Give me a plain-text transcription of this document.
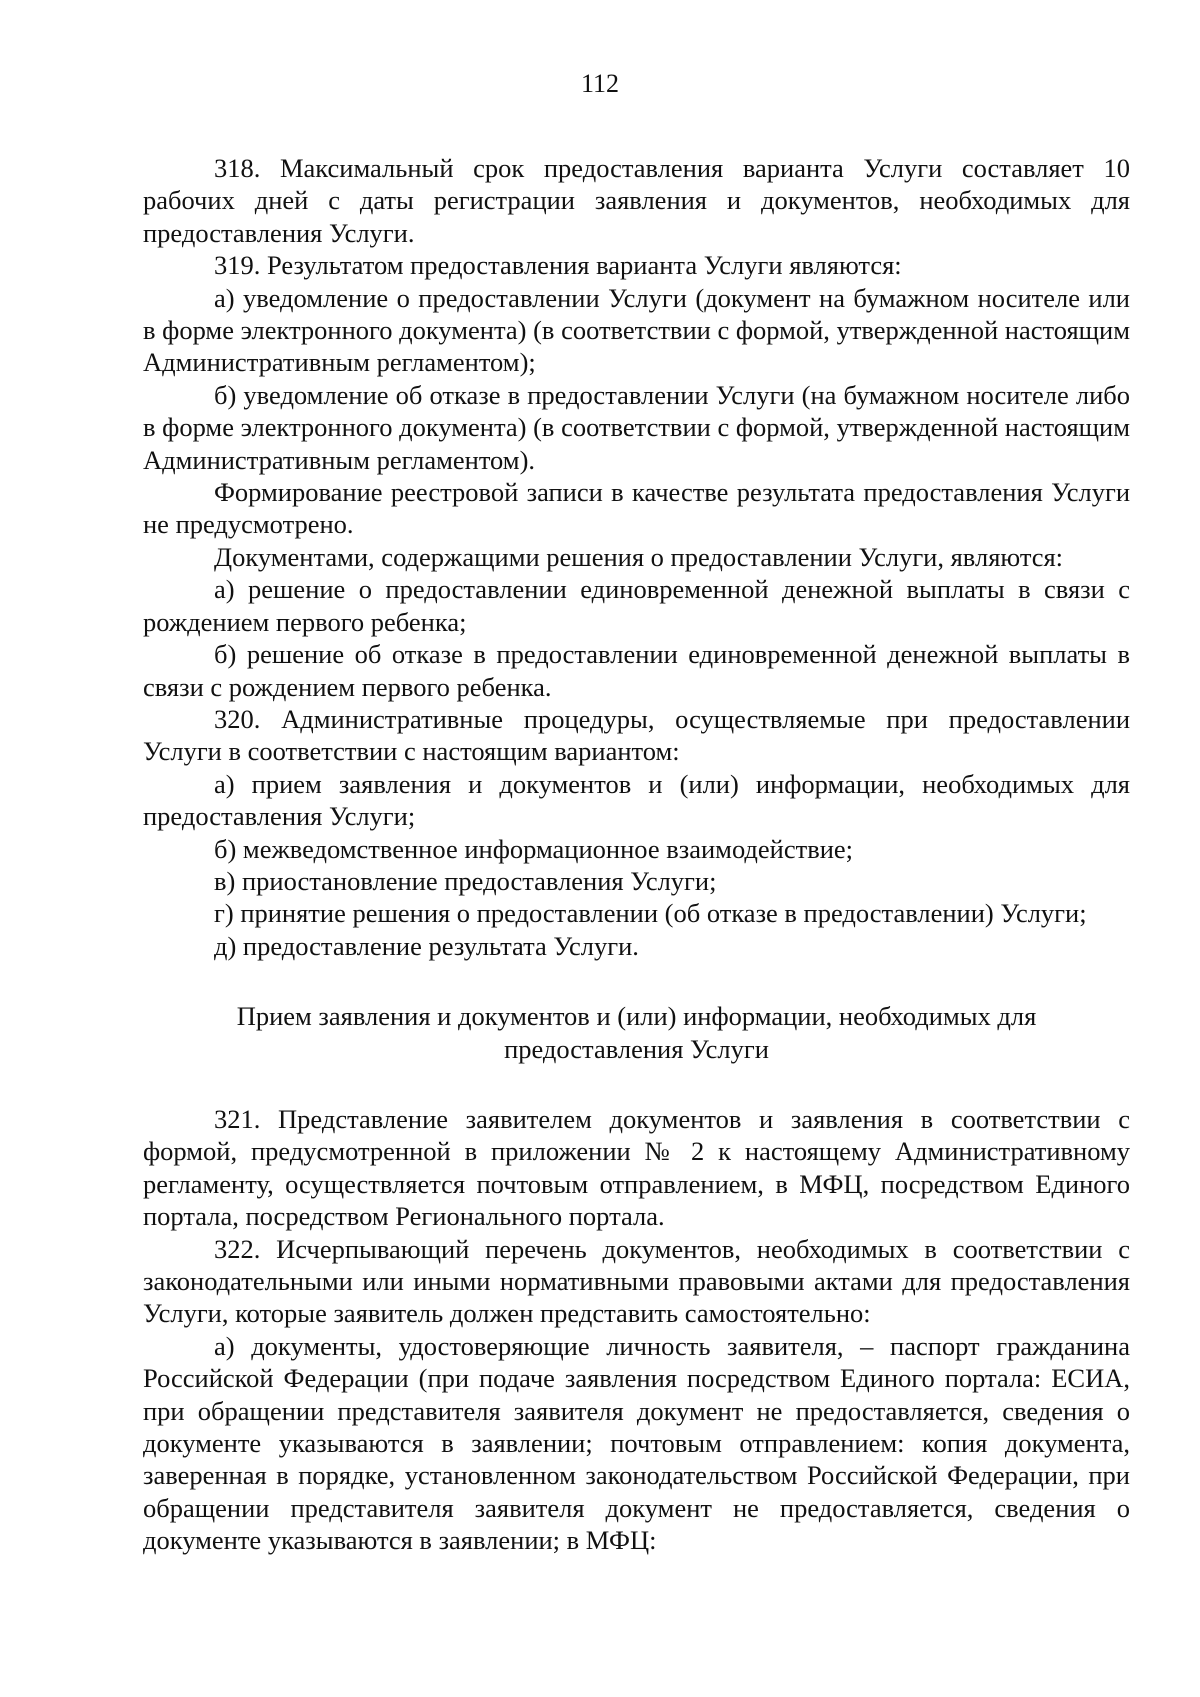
112

318. Максимальный срок предоставления варианта Услуги составляет 10 рабочих дней с даты регистрации заявления и документов, необходимых для предоставления Услуги.

319. Результатом предоставления варианта Услуги являются:

а) уведомление о предоставлении Услуги (документ на бумажном носителе или в форме электронного документа) (в соответствии с формой, утвержденной настоящим Административным регламентом);

б) уведомление об отказе в предоставлении Услуги (на бумажном носителе либо в форме электронного документа) (в соответствии с формой, утвержденной настоящим Административным регламентом).

Формирование реестровой записи в качестве результата предоставления Услуги не предусмотрено.

Документами, содержащими решения о предоставлении Услуги, являются:

а) решение о предоставлении единовременной денежной выплаты в связи с рождением первого ребенка;

б) решение об отказе в предоставлении единовременной денежной выплаты в связи с рождением первого ребенка.

320. Административные процедуры, осуществляемые при предоставлении Услуги в соответствии с настоящим вариантом:

а) прием заявления и документов и (или) информации, необходимых для предоставления Услуги;

б) межведомственное информационное взаимодействие;

в) приостановление предоставления Услуги;

г) принятие решения о предоставлении (об отказе в предоставлении) Услуги;

д) предоставление результата Услуги.

Прием заявления и документов и (или) информации, необходимых для
предоставления Услуги

321. Представление заявителем документов и заявления в соответствии с формой, предусмотренной в приложении № 2 к настоящему Административному регламенту, осуществляется почтовым отправлением, в МФЦ, посредством Единого портала, посредством Регионального портала.

322. Исчерпывающий перечень документов, необходимых в соответствии с законодательными или иными нормативными правовыми актами для предоставления Услуги, которые заявитель должен представить самостоятельно:

а) документы, удостоверяющие личность заявителя, – паспорт гражданина Российской Федерации (при подаче заявления посредством Единого портала: ЕСИА, при обращении представителя заявителя документ не предоставляется, сведения о документе указываются в заявлении; почтовым отправлением: копия документа, заверенная в порядке, установленном законодательством Российской Федерации, при обращении представителя заявителя документ не предоставляется, сведения о документе указываются в заявлении; в МФЦ:
